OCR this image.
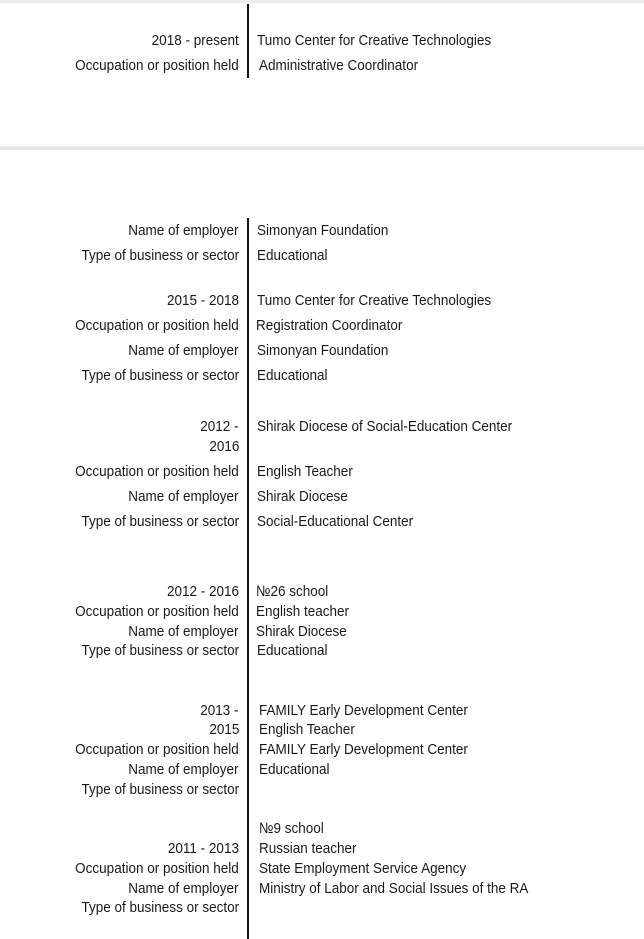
2018 - present Tumo Center for Creative Technologies
Occupation or position held Administrative Coordinator
Name of employer Simonyan Foundation
Type of business or sector Educational
2015 - 2018 Tumo Center for Creative Technologies
Occupation or position held Registration Coordinator
Name of employer Simonyan Foundation
Type of business or sector Educational
2012 -
2016
Shirak Diocese of Social-Education Center
Occupation or position held English Teacher
Name of employer Shirak Diocese
Type of business or sector Social-Educational Center
2012 - 2016 №26 school
Occupation or position held English teacher
Name of employer Shirak Diocese
Type of business or sector Educational
2013 -
2015
Occupation or position held
Name of employer
Type of business or sector
FAMILY Early Development Center
English Teacher
FAMILY Early Development Center
Educational
№9 school
Russian teacher
State Employment Service Agency
Ministry of Labor and Social Issues of the RA
2011 - 2013
Occupation or position held
Name of employer
Type of business or sector
